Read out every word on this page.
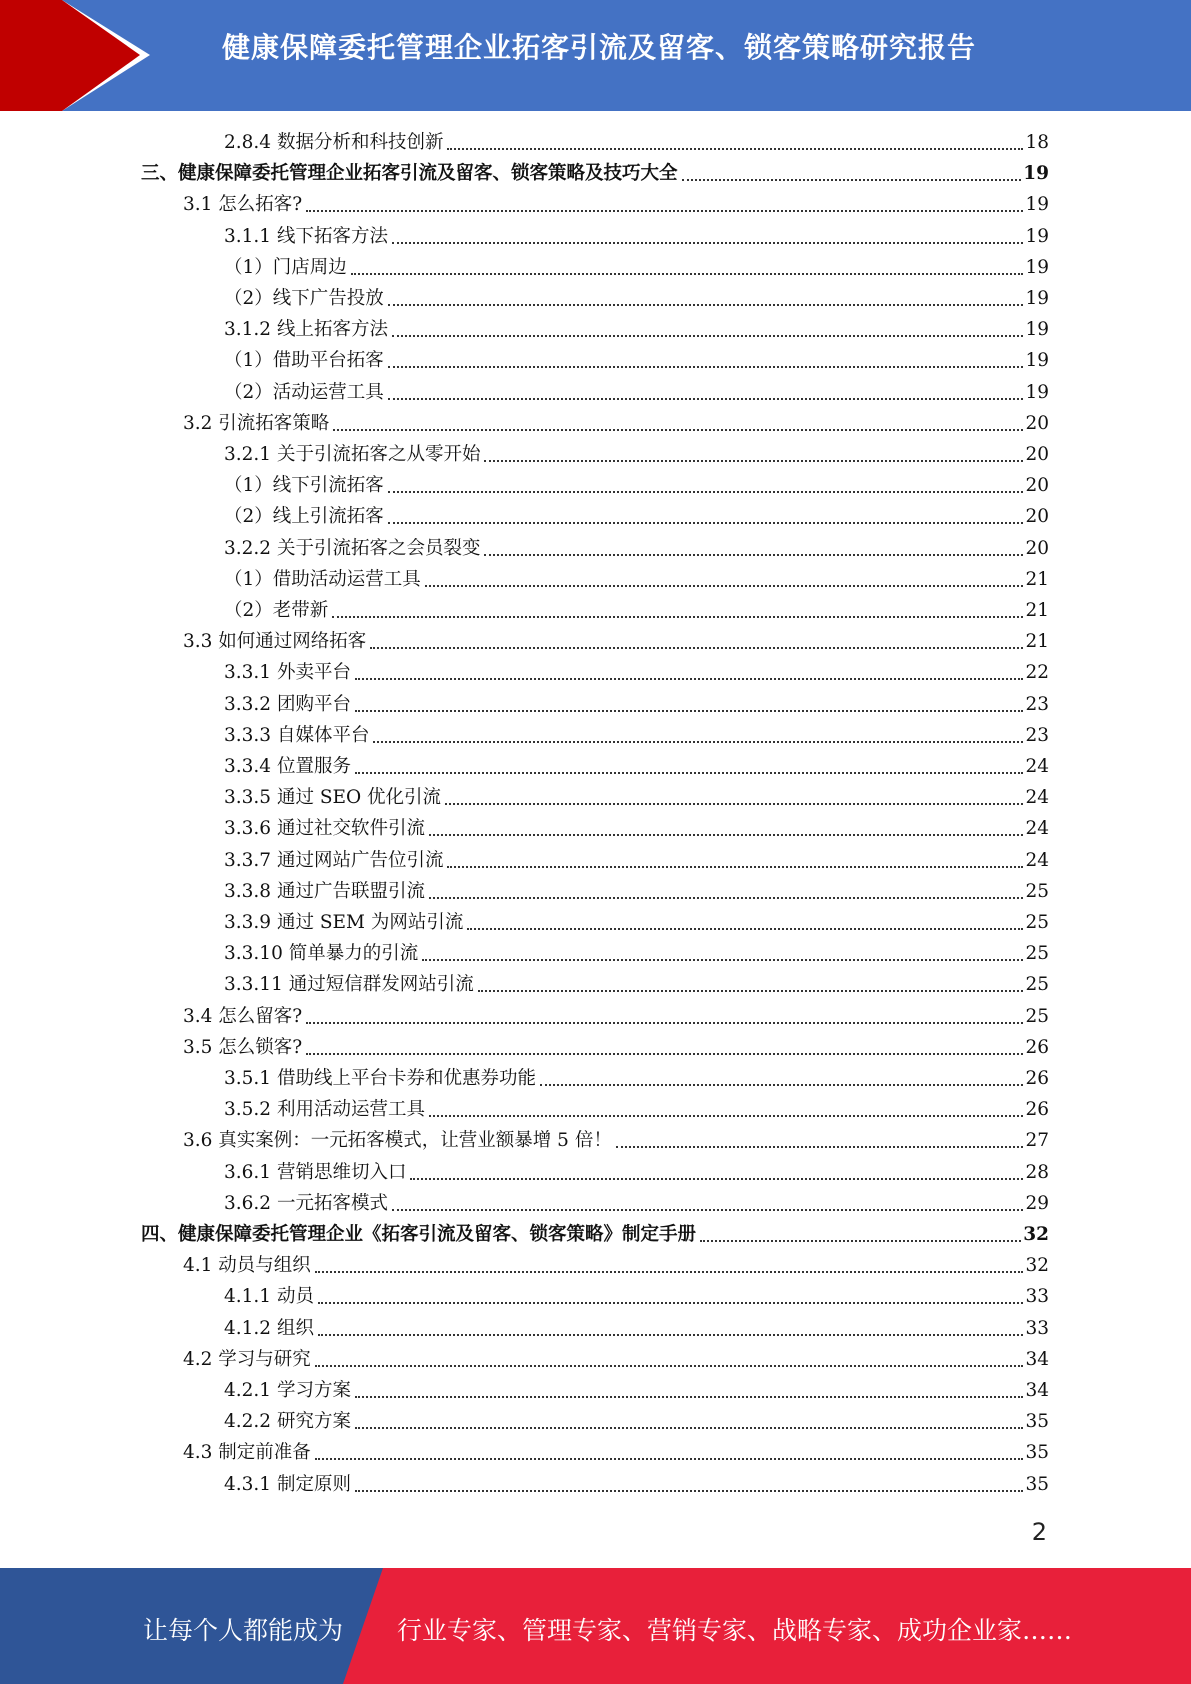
健康保障委托管理企业拓客引流及留客、锁客策略研究报告
2.8.4 数据分析和科技创新	18
三、健康保障委托管理企业拓客引流及留客、锁客策略及技巧大全	19
3.1 怎么拓客?	19
3.1.1 线下拓客方法	19
（1）门店周边	19
（2）线下广告投放	19
3.1.2 线上拓客方法	19
（1）借助平台拓客	19
（2）活动运营工具	19
3.2 引流拓客策略	20
3.2.1 关于引流拓客之从零开始	20
（1）线下引流拓客	20
（2）线上引流拓客	20
3.2.2 关于引流拓客之会员裂变	20
（1）借助活动运营工具	21
（2）老带新	21
3.3 如何通过网络拓客	21
3.3.1 外卖平台	22
3.3.2 团购平台	23
3.3.3 自媒体平台	23
3.3.4 位置服务	24
3.3.5 通过 SEO 优化引流	24
3.3.6 通过社交软件引流	24
3.3.7 通过网站广告位引流	24
3.3.8 通过广告联盟引流	25
3.3.9 通过 SEM 为网站引流	25
3.3.10 简单暴力的引流	25
3.3.11 通过短信群发网站引流	25
3.4 怎么留客?	25
3.5 怎么锁客?	26
3.5.1 借助线上平台卡券和优惠券功能	26
3.5.2 利用活动运营工具	26
3.6 真实案例：一元拓客模式，让营业额暴增 5 倍！	27
3.6.1 营销思维切入口	28
3.6.2 一元拓客模式	29
四、健康保障委托管理企业《拓客引流及留客、锁客策略》制定手册	32
4.1 动员与组织	32
4.1.1 动员	33
4.1.2 组织	33
4.2 学习与研究	34
4.2.1 学习方案	34
4.2.2 研究方案	35
4.3 制定前准备	35
4.3.1 制定原则	35
2
让每个人都能成为 行业专家、管理专家、营销专家、战略专家、成功企业家……
